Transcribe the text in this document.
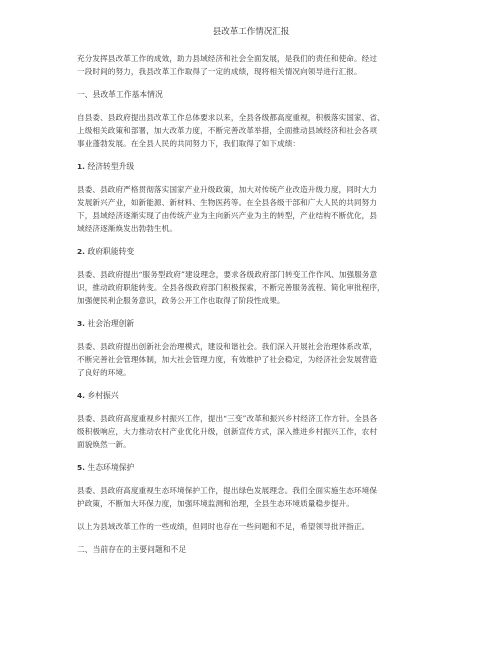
县改革工作情况汇报
充分发挥县改革工作的成效，助力县域经济和社会全面发展，是我们的责任和使命。经过
一段时间的努力，我县改革工作取得了一定的成绩，现将相关情况向领导进行汇报。
一、县改革工作基本情况
自县委、县政府提出县改革工作总体要求以来，全县各级都高度重视，积极落实国家、省、
上级相关政策和部署，加大改革力度，不断完善改革举措，全面推动县域经济和社会各项
事业蓬勃发展。在全县人民的共同努力下，我们取得了如下成绩：
1. 经济转型升级
县委、县政府严格贯彻落实国家产业升级政策，加大对传统产业改造升级力度，同时大力
发展新兴产业，如新能源、新材料、生物医药等。在全县各级干部和广大人民的共同努力
下，县域经济逐渐实现了由传统产业为主向新兴产业为主的转型，产业结构不断优化，县
域经济逐渐焕发出勃勃生机。
2. 政府职能转变
县委、县政府提出“服务型政府”建设理念，要求各级政府部门转变工作作风、加强服务意
识，推动政府职能转变。全县各级政府部门积极探索，不断完善服务流程、简化审批程序，
加强便民利企服务意识，政务公开工作也取得了阶段性成果。
3. 社会治理创新
县委、县政府提出创新社会治理模式，建设和谐社会。我们深入开展社会治理体系改革，
不断完善社会管理体制，加大社会管理力度，有效维护了社会稳定，为经济社会发展营造
了良好的环境。
4. 乡村振兴
县委、县政府高度重视乡村振兴工作，提出“三变”改革和振兴乡村经济工作方针。全县各
级积极响应，大力推动农村产业优化升级，创新宣传方式，深入推进乡村振兴工作，农村
面貌焕然一新。
5. 生态环境保护
县委、县政府高度重视生态环境保护工作，提出绿色发展理念。我们全面实施生态环境保
护政策，不断加大环保力度，加强环境监测和治理，全县生态环境质量稳步提升。
以上为县域改革工作的一些成绩，但同时也存在一些问题和不足，希望领导批评指正。
二、当前存在的主要问题和不足
